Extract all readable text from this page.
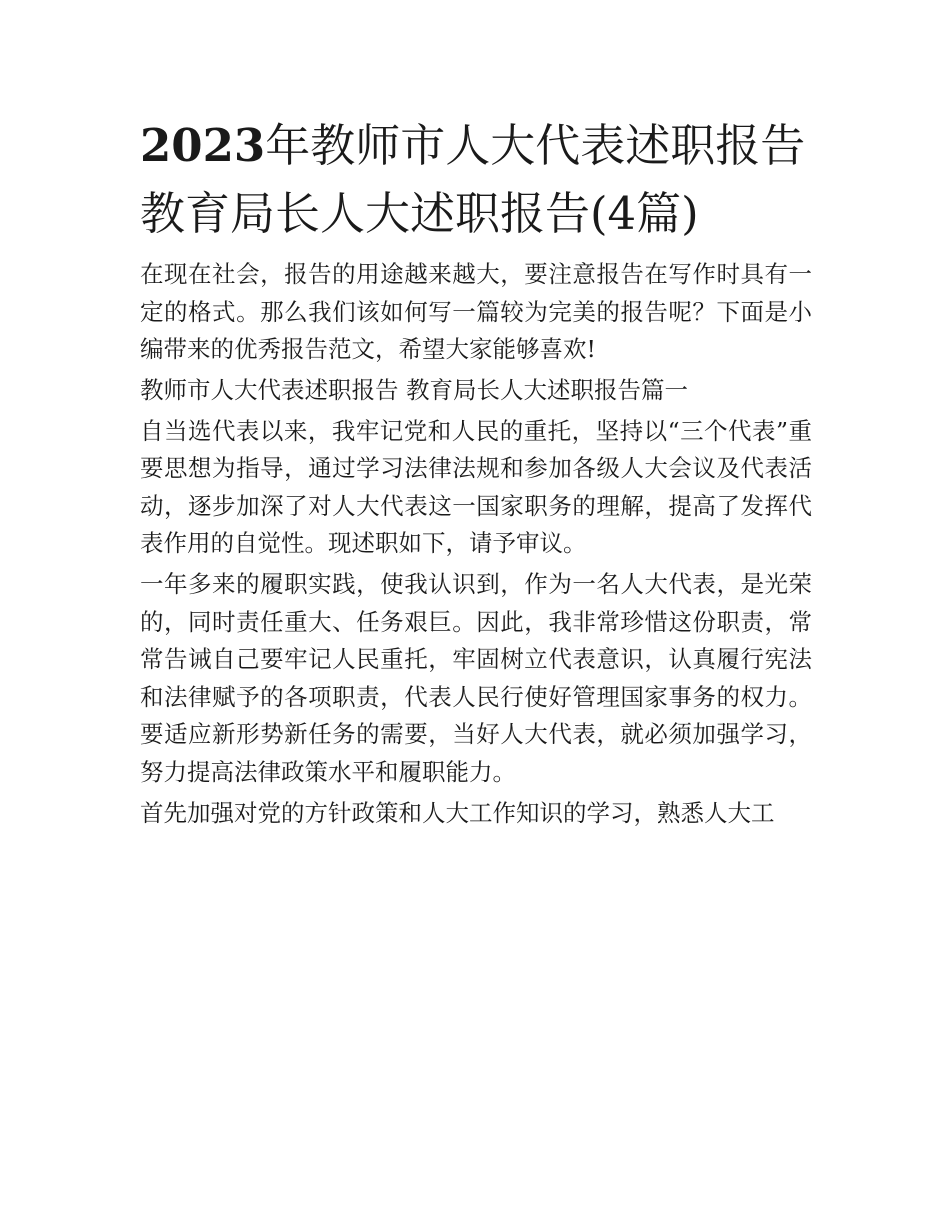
2023年教师市人大代表述职报告 教育局长人大述职报告(4篇)

在现在社会，报告的用途越来越大，要注意报告在写作时具有一定的格式。那么我们该如何写一篇较为完美的报告呢？下面是小编带来的优秀报告范文，希望大家能够喜欢!

教师市人大代表述职报告 教育局长人大述职报告篇一

自当选代表以来，我牢记党和人民的重托，坚持以“三个代表”重要思想为指导，通过学习法律法规和参加各级人大会议及代表活动，逐步加深了对人大代表这一国家职务的理解，提高了发挥代表作用的自觉性。现述职如下，请予审议。

一年多来的履职实践，使我认识到，作为一名人大代表，是光荣的，同时责任重大、任务艰巨。因此，我非常珍惜这份职责，常常告诫自己要牢记人民重托，牢固树立代表意识，认真履行宪法和法律赋予的各项职责，代表人民行使好管理国家事务的权力。要适应新形势新任务的需要，当好人大代表，就必须加强学习，努力提高法律政策水平和履职能力。

首先加强对党的方针政策和人大工作知识的学习，熟悉人大工
